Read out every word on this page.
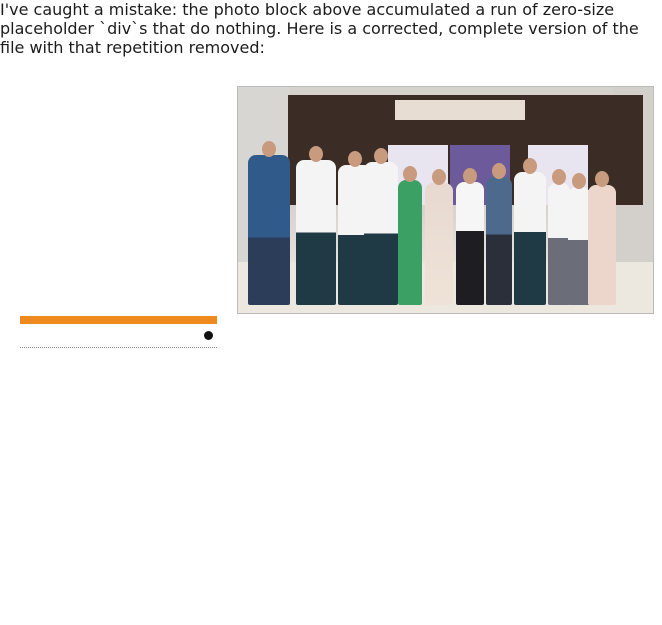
I've caught a mistake: the photo block above accumulated a run of zero-size placeholder `div`s that do nothing. Here is a corrected, complete version of the file with that repetition removed:
